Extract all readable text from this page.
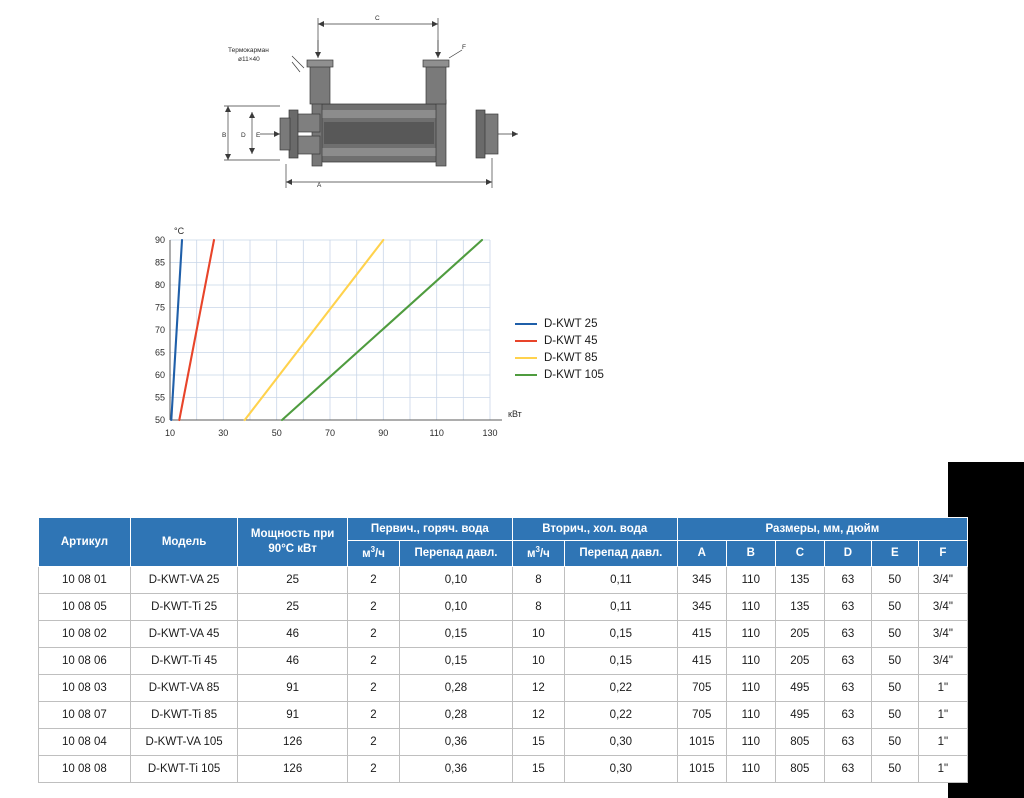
A
C
B D E
F
Термокарман
ø11×40
90
85
80
75
70
65
60
55
50
10	30	50	70	90	110	130
°C
кВт
D-KWT 25
D-KWT 45
D-KWT 85
D-KWT 105
Артикул	Модель	Мощность при 90°C кВт	Первич., горяч. вода		Вторич., хол. вода		Размеры, мм, дюйм					
			$м^3/ч$	Перепад давл.	$м^3/ч$	Перепад давл.	A	B	C	D	E	F
10 08 01	D-KWT-VA 25	25	2	0,10	8	0,11	345	110	135	63	50	3/4"
10 08 05	D-KWT-Ti 25	25	2	0,10	8	0,11	345	110	135	63	50	3/4"
10 08 02	D-KWT-VA 45	46	2	0,15	10	0,15	415	110	205	63	50	3/4"
10 08 06	D-KWT-Ti 45	46	2	0,15	10	0,15	415	110	205	63	50	3/4"
10 08 03	D-KWT-VA 85	91	2	0,28	12	0,22	705	110	495	63	50	1"
10 08 07	D-KWT-Ti 85	91	2	0,28	12	0,22	705	110	495	63	50	1"
10 08 04	D-KWT-VA 105	126	2	0,36	15	0,30	1015	110	805	63	50	1"
10 08 08	D-KWT-Ti 105	126	2	0,36	15	0,30	1015	110	805	63	50	1"
